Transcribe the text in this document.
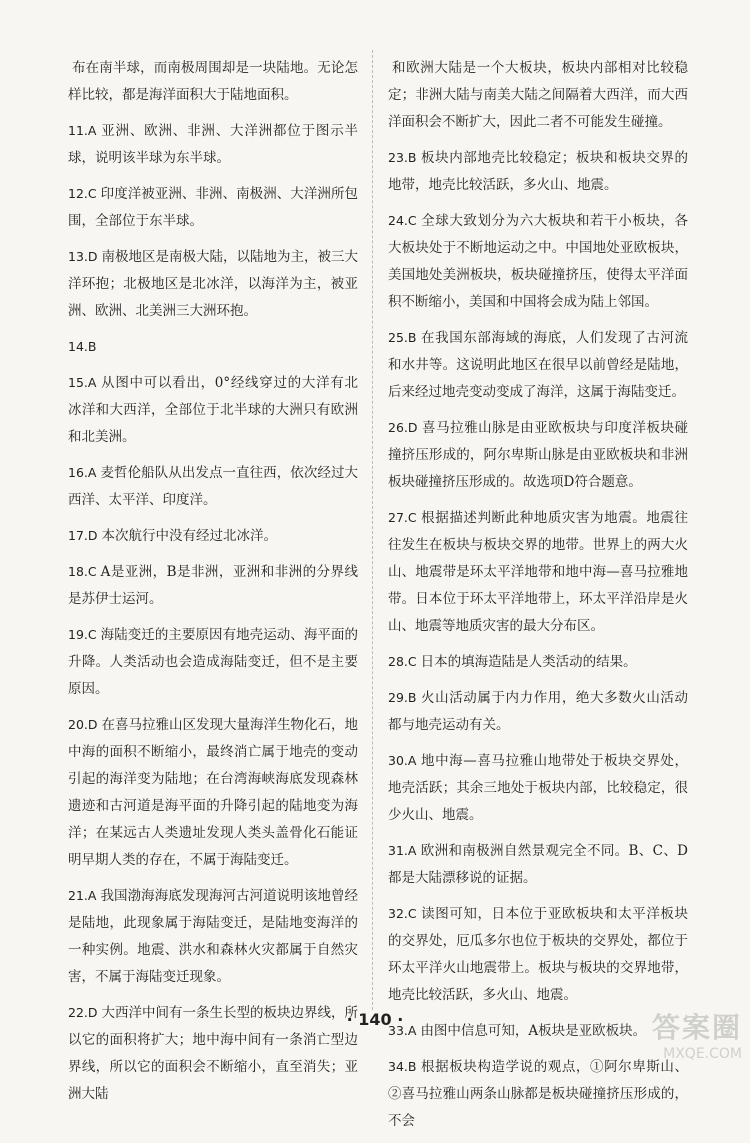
布在南半球，而南极周围却是一块陆地。无论怎样比较，都是海洋面积大于陆地面积。
11.A 亚洲、欧洲、非洲、大洋洲都位于图示半球，说明该半球为东半球。
12.C 印度洋被亚洲、非洲、南极洲、大洋洲所包围，全部位于东半球。
13.D 南极地区是南极大陆，以陆地为主，被三大洋环抱；北极地区是北冰洋，以海洋为主，被亚洲、欧洲、北美洲三大洲环抱。
14.B
15.A 从图中可以看出，0°经线穿过的大洋有北冰洋和大西洋，全部位于北半球的大洲只有欧洲和北美洲。
16.A 麦哲伦船队从出发点一直往西，依次经过大西洋、太平洋、印度洋。
17.D 本次航行中没有经过北冰洋。
18.C A是亚洲，B是非洲，亚洲和非洲的分界线是苏伊士运河。
19.C 海陆变迁的主要原因有地壳运动、海平面的升降。人类活动也会造成海陆变迁，但不是主要原因。
20.D 在喜马拉雅山区发现大量海洋生物化石，地中海的面积不断缩小，最终消亡属于地壳的变动引起的海洋变为陆地；在台湾海峡海底发现森林遗迹和古河道是海平面的升降引起的陆地变为海洋；在某远古人类遗址发现人类头盖骨化石能证明早期人类的存在，不属于海陆变迁。
21.A 我国渤海海底发现海河古河道说明该地曾经是陆地，此现象属于海陆变迁，是陆地变海洋的一种实例。地震、洪水和森林火灾都属于自然灾害，不属于海陆变迁现象。
22.D 大西洋中间有一条生长型的板块边界线，所以它的面积将扩大；地中海中间有一条消亡型边界线，所以它的面积会不断缩小，直至消失；亚洲大陆
和欧洲大陆是一个大板块，板块内部相对比较稳定；非洲大陆与南美大陆之间隔着大西洋，而大西洋面积会不断扩大，因此二者不可能发生碰撞。
23.B 板块内部地壳比较稳定；板块和板块交界的地带，地壳比较活跃，多火山、地震。
24.C 全球大致划分为六大板块和若干小板块，各大板块处于不断地运动之中。中国地处亚欧板块，美国地处美洲板块，板块碰撞挤压，使得太平洋面积不断缩小，美国和中国将会成为陆上邻国。
25.B 在我国东部海域的海底，人们发现了古河流和水井等。这说明此地区在很早以前曾经是陆地，后来经过地壳变动变成了海洋，这属于海陆变迁。
26.D 喜马拉雅山脉是由亚欧板块与印度洋板块碰撞挤压形成的，阿尔卑斯山脉是由亚欧板块和非洲板块碰撞挤压形成的。故选项D符合题意。
27.C 根据描述判断此种地质灾害为地震。地震往往发生在板块与板块交界的地带。世界上的两大火山、地震带是环太平洋地带和地中海—喜马拉雅地带。日本位于环太平洋地带上，环太平洋沿岸是火山、地震等地质灾害的最大分布区。
28.C 日本的填海造陆是人类活动的结果。
29.B 火山活动属于内力作用，绝大多数火山活动都与地壳运动有关。
30.A 地中海—喜马拉雅山地带处于板块交界处，地壳活跃；其余三地处于板块内部，比较稳定，很少火山、地震。
31.A 欧洲和南极洲自然景观完全不同。B、C、D都是大陆漂移说的证据。
32.C 读图可知，日本位于亚欧板块和太平洋板块的交界处，厄瓜多尔也位于板块的交界处，都位于环太平洋火山地震带上。板块与板块的交界地带，地壳比较活跃，多火山、地震。
33.A 由图中信息可知，A板块是亚欧板块。
34.B 根据板块构造学说的观点，①阿尔卑斯山、②喜马拉雅山两条山脉都是板块碰撞挤压形成的，不会
· 140 ·	答案圈
MXQE.COM
